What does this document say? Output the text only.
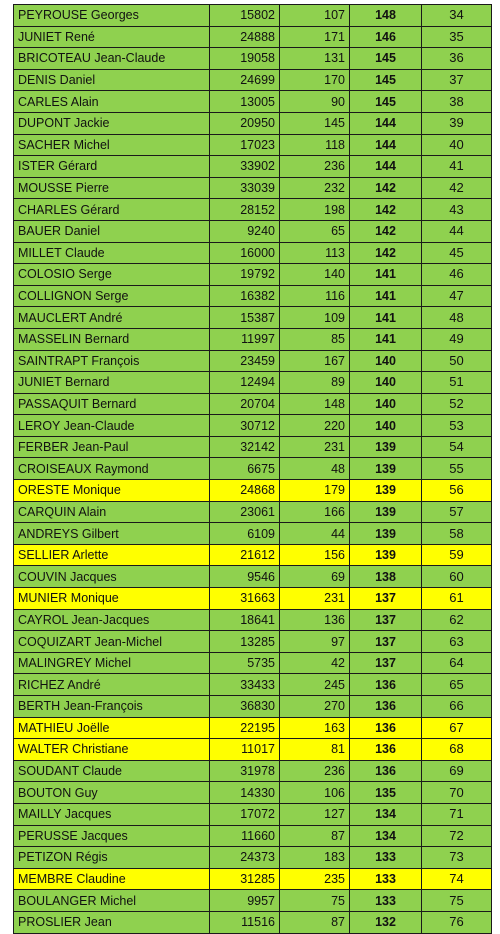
PEYROUSE Georges	15802	107	148	34
JUNIET René	24888	171	146	35
BRICOTEAU Jean-Claude	19058	131	145	36
DENIS Daniel	24699	170	145	37
CARLES Alain	13005	90	145	38
DUPONT Jackie	20950	145	144	39
SACHER Michel	17023	118	144	40
ISTER Gérard	33902	236	144	41
MOUSSE Pierre	33039	232	142	42
CHARLES Gérard	28152	198	142	43
BAUER Daniel	9240	65	142	44
MILLET Claude	16000	113	142	45
COLOSIO Serge	19792	140	141	46
COLLIGNON Serge	16382	116	141	47
MAUCLERT André	15387	109	141	48
MASSELIN Bernard	11997	85	141	49
SAINTRAPT François	23459	167	140	50
JUNIET Bernard	12494	89	140	51
PASSAQUIT Bernard	20704	148	140	52
LEROY Jean-Claude	30712	220	140	53
FERBER Jean-Paul	32142	231	139	54
CROISEAUX Raymond	6675	48	139	55
ORESTE Monique	24868	179	139	56
CARQUIN Alain	23061	166	139	57
ANDREYS Gilbert	6109	44	139	58
SELLIER Arlette	21612	156	139	59
COUVIN Jacques	9546	69	138	60
MUNIER Monique	31663	231	137	61
CAYROL Jean-Jacques	18641	136	137	62
COQUIZART Jean-Michel	13285	97	137	63
MALINGREY Michel	5735	42	137	64
RICHEZ André	33433	245	136	65
BERTH Jean-François	36830	270	136	66
MATHIEU Joëlle	22195	163	136	67
WALTER Christiane	11017	81	136	68
SOUDANT Claude	31978	236	136	69
BOUTON Guy	14330	106	135	70
MAILLY Jacques	17072	127	134	71
PERUSSE Jacques	11660	87	134	72
PETIZON Régis	24373	183	133	73
MEMBRE Claudine	31285	235	133	74
BOULANGER Michel	9957	75	133	75
PROSLIER Jean	11516	87	132	76
